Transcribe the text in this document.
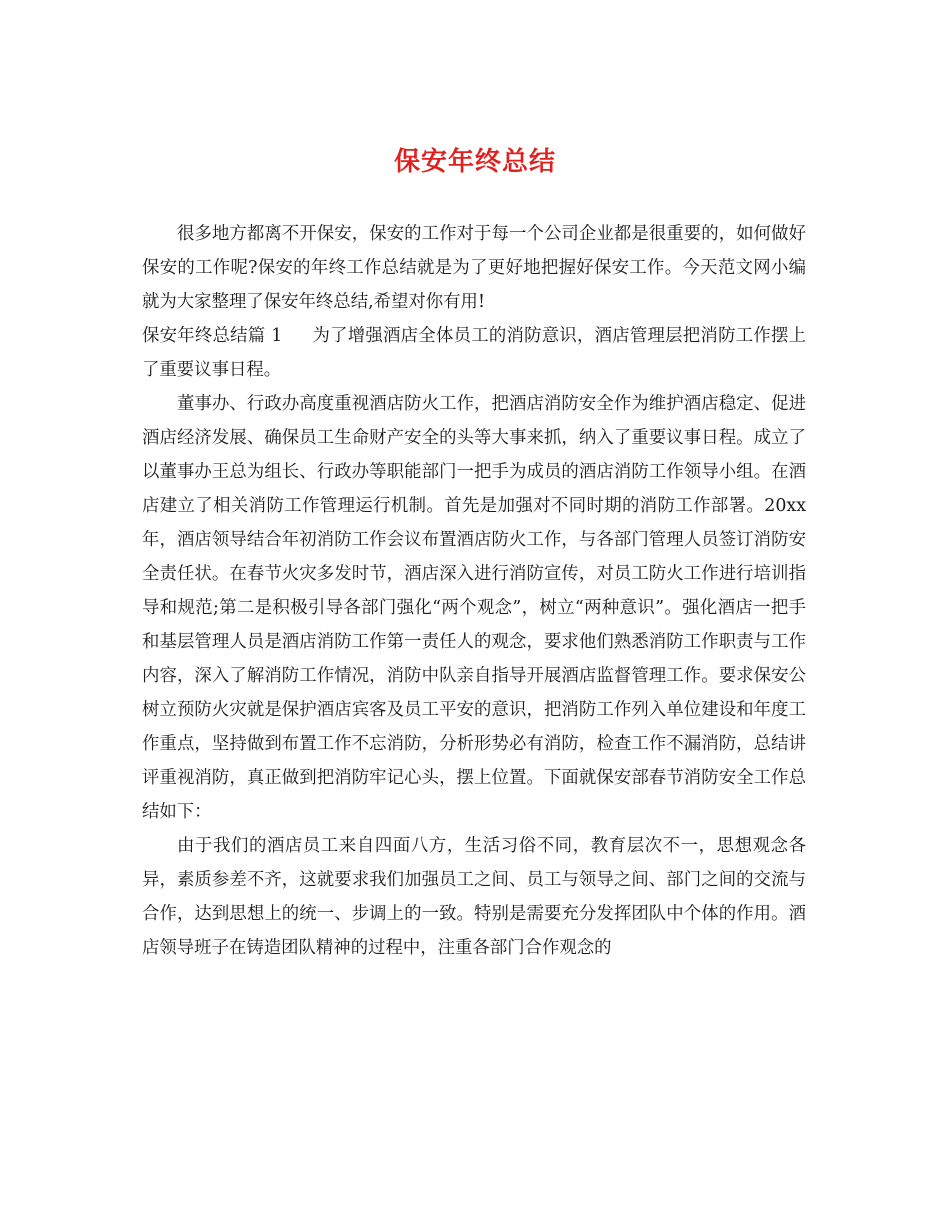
保安年终总结

很多地方都离不开保安，保安的工作对于每一个公司企业都是很重要的，如何做好保安的工作呢?保安的年终工作总结就是为了更好地把握好保安工作。今天范文网小编就为大家整理了保安年终总结,希望对你有用!

保安年终总结篇 1 为了增强酒店全体员工的消防意识，酒店管理层把消防工作摆上了重要议事日程。

董事办、行政办高度重视酒店防火工作，把酒店消防安全作为维护酒店稳定、促进酒店经济发展、确保员工生命财产安全的头等大事来抓，纳入了重要议事日程。成立了以董事办王总为组长、行政办等职能部门一把手为成员的酒店消防工作领导小组。在酒店建立了相关消防工作管理运行机制。首先是加强对不同时期的消防工作部署。20xx 年，酒店领导结合年初消防工作会议布置酒店防火工作，与各部门管理人员签订消防安全责任状。在春节火灾多发时节，酒店深入进行消防宣传，对员工防火工作进行培训指导和规范;第二是积极引导各部门强化“两个观念”，树立“两种意识”。强化酒店一把手和基层管理人员是酒店消防工作第一责任人的观念，要求他们熟悉消防工作职责与工作内容，深入了解消防工作情况，消防中队亲自指导开展酒店监督管理工作。要求保安公树立预防火灾就是保护酒店宾客及员工平安的意识，把消防工作列入单位建设和年度工作重点，坚持做到布置工作不忘消防，分析形势必有消防，检查工作不漏消防，总结讲评重视消防，真正做到把消防牢记心头，摆上位置。下面就保安部春节消防安全工作总结如下：

由于我们的酒店员工来自四面八方，生活习俗不同，教育层次不一，思想观念各异，素质参差不齐，这就要求我们加强员工之间、员工与领导之间、部门之间的交流与合作，达到思想上的统一、步调上的一致。特别是需要充分发挥团队中个体的作用。酒店领导班子在铸造团队精神的过程中，注重各部门合作观念的
